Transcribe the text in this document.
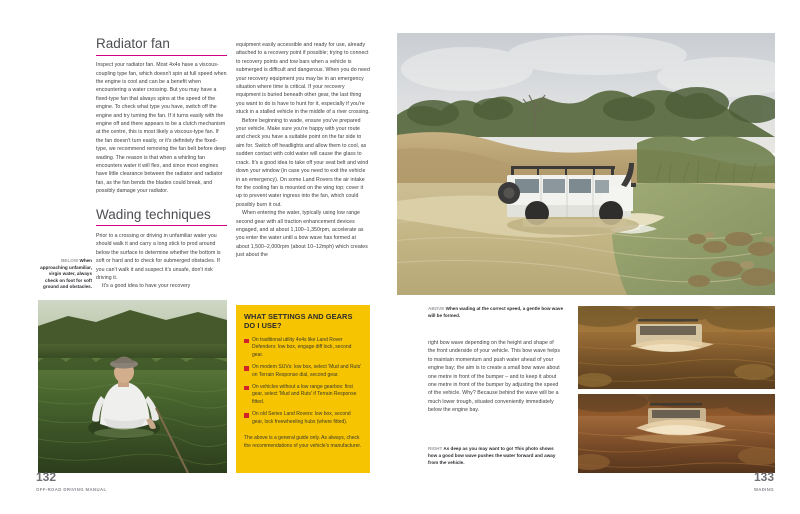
Radiator fan

Inspect your radiator fan. Most 4x4s have a viscous-coupling type fan, which doesn't spin at full speed when the engine is cool and can be a benefit when encountering a water crossing. But you may have a fixed-type fan that always spins at the speed of the engine. To check what type you have, switch off the engine and try turning the fan. If it turns easily with the engine off and there appears to be a clutch mechanism at the centre, this is most likely a viscous-type fan. If the fan doesn't turn easily, or it's definitely the fixed-type, we recommend removing the fan belt before deep wading. The reason is that when a whirling fan encounters water it will flex, and since most engines have little clearance between the radiator and radiator fan, as the fan bends the blades could break, and possibly damage your radiator.

Wading techniques

Prior to a crossing or driving in unfamiliar water you should walk it and carry a long stick to prod around below the surface to determine whether the bottom is soft or hard and to check for submerged obstacles. If you can't walk it and suspect it's unsafe, don't risk driving it.

It's a good idea to have your recovery

equipment easily accessible and ready for use, already attached to a recovery point if possible; trying to connect to recovery points and tow bars when a vehicle is submerged is difficult and dangerous. When you do need your recovery equipment you may be in an emergency situation where time is critical. If your recovery equipment is buried beneath other gear, the last thing you want to do is have to hunt for it, especially if you're stuck in a stalled vehicle in the middle of a river crossing.

Before beginning to wade, ensure you've prepared your vehicle. Make sure you're happy with your route and check you have a suitable point on the far side to aim for. Switch off headlights and allow them to cool, as sudden contact with cold water will cause the glass to crack. It's a good idea to take off your seat belt and wind down your window (in case you need to exit the vehicle in an emergency). On some Land Rovers the air intake for the cooling fan is mounted on the wing top; cover it up to prevent water ingress into the fan, which could possibly burn it out.

When entering the water, typically using low range second gear with all traction enhancement devices engaged, and at about 1,100–1,350rpm, accelerate as you enter the water until a bow wave has formed at about 1,500–2,000rpm (about 10–12mph) which creates just about the

BELOW When approaching unfamiliar, virgin water, always check on foot for soft ground and obstacles.
WHAT SETTINGS AND GEARS DO I USE?
On traditional utility 4x4s like Land Rover Defenders: low box, engage diff lock, second gear.
On modern SUVs: low box, select 'Mud and Ruts' on Terrain Response dial, second gear.
On vehicles without a low range gearbox: first gear, select 'Mud and Ruts' if Terrain Response fitted.
On old Series Land Rovers: low box, second gear, lock freewheeling hubs (where fitted).
The above is a general guide only. As always, check the recommendations of your vehicle's manufacturer.
132
OFF-ROAD DRIVING MANUAL
ABOVE When wading at the correct speed, a gentle bow wave will be formed.

right bow wave depending on the height and shape of the front underside of your vehicle. This bow wave helps to maintain momentum and push water ahead of your engine bay; the aim is to create a small bow wave about one metre in front of the bumper – and to keep it about one metre in front of the bumper by adjusting the speed of the vehicle. Why? Because behind the wave will be a much lower trough, situated conveniently immediately below the engine bay.

RIGHT As deep as you may want to go! This photo shows how a good bow wave pushes the water forward and away from the vehicle.
133
WADING
